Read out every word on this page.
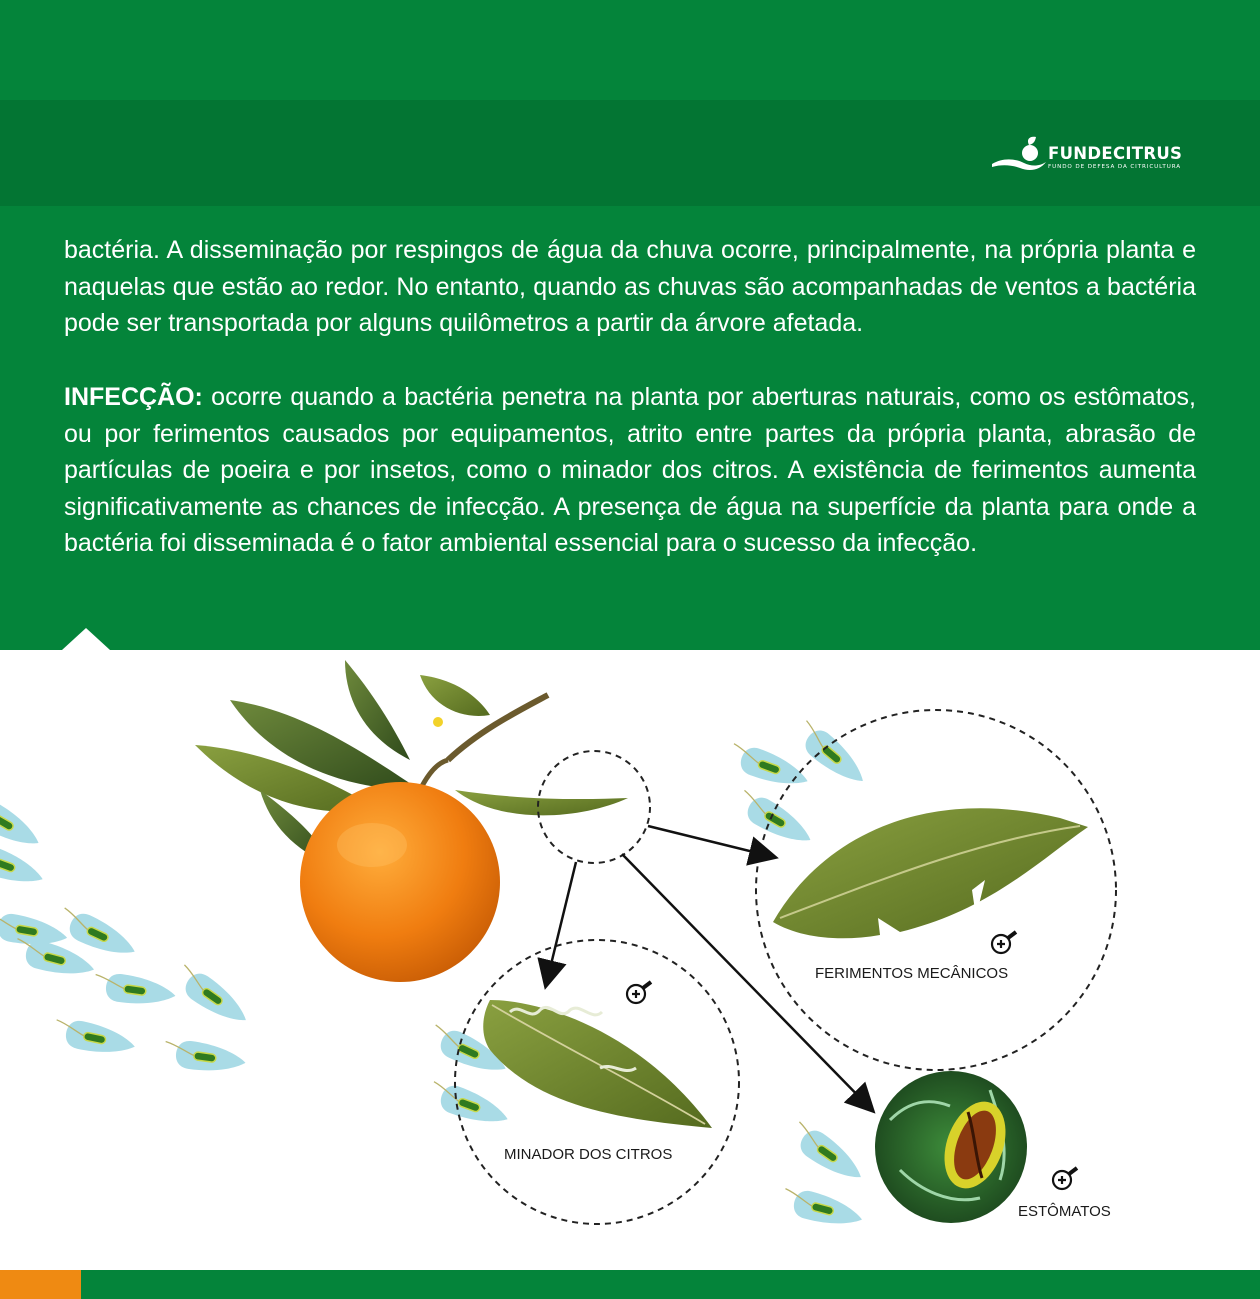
FUNDECITRUS
FUNDO DE DEFESA DA CITRICULTURA

bactéria. A disseminação por respingos de água da chuva ocorre, principalmente, na própria planta e naquelas que estão ao redor. No entanto, quando as chuvas são acompanhadas de ventos a bactéria pode ser transportada por alguns quilômetros a partir da árvore afetada.

INFECÇÃO: ocorre quando a bactéria penetra na planta por aberturas naturais, como os estômatos, ou por ferimentos causados por equipamentos, atrito entre partes da própria planta, abrasão de partículas de poeira e por insetos, como o minador dos citros. A existência de ferimentos aumenta significativamente as chances de infecção. A presença de água na superfície da planta para onde a bactéria foi disseminada é o fator ambiental essencial para o sucesso da infecção.

FERIMENTOS MECÂNICOS
MINADOR DOS CITROS
ESTÔMATOS
